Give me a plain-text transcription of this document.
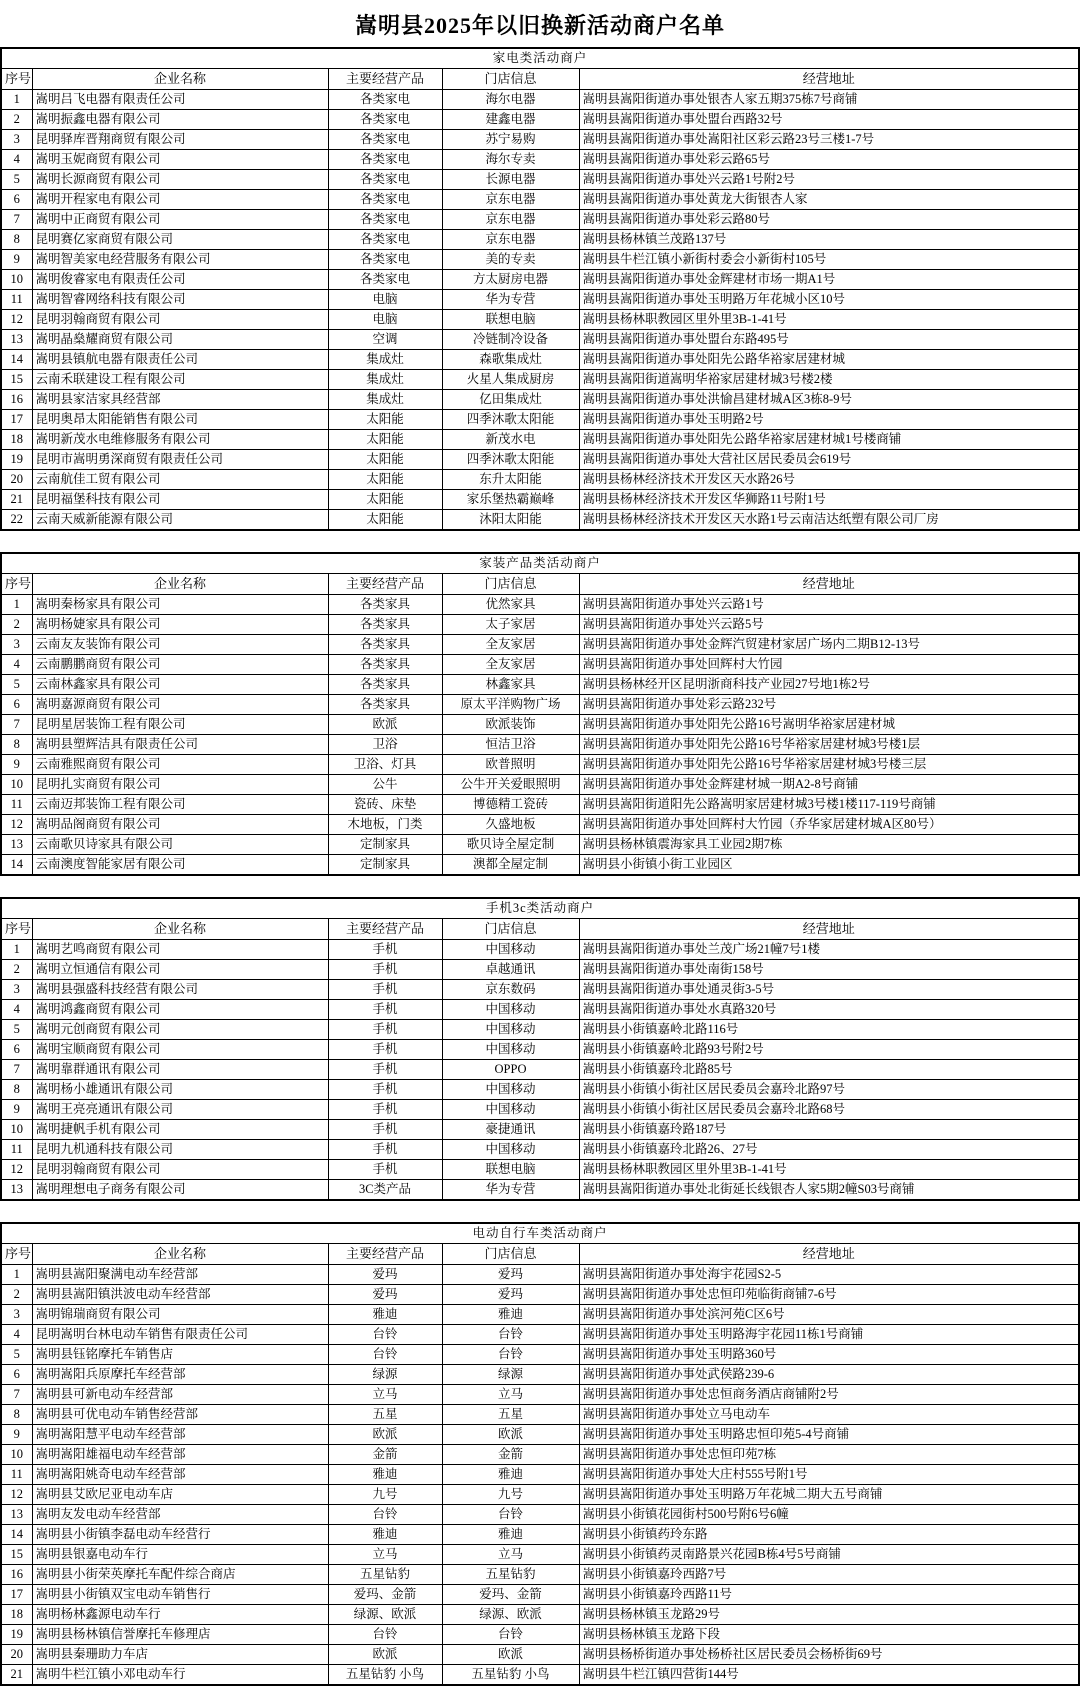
嵩明县2025年以旧换新活动商户名单
家电类活动商户				
序号	企业名称	主要经营产品	门店信息	经营地址
1	嵩明吕飞电器有限责任公司	各类家电	海尔电器	嵩明县嵩阳街道办事处银杏人家五期375栋7号商铺
2	嵩明振鑫电器有限公司	各类家电	建鑫电器	嵩明县嵩阳街道办事处盟台西路32号
3	昆明驿库晋翔商贸有限公司	各类家电	苏宁易购	嵩明县嵩阳街道办事处嵩阳社区彩云路23号三楼1-7号
4	嵩明玉妮商贸有限公司	各类家电	海尔专卖	嵩明县嵩阳街道办事处彩云路65号
5	嵩明长源商贸有限公司	各类家电	长源电器	嵩明县嵩阳街道办事处兴云路1号附2号
6	嵩明开程家电有限公司	各类家电	京东电器	嵩明县嵩阳街道办事处黄龙大街银杏人家
7	嵩明中正商贸有限公司	各类家电	京东电器	嵩明县嵩阳街道办事处彩云路80号
8	昆明赛亿家商贸有限公司	各类家电	京东电器	嵩明县杨林镇兰茂路137号
9	嵩明智美家电经营服务有限公司	各类家电	美的专卖	嵩明县牛栏江镇小新街村委会小新街村105号
10	嵩明俊睿家电有限责任公司	各类家电	方太厨房电器	嵩明县嵩阳街道办事处金辉建材市场一期A1号
11	嵩明智睿网络科技有限公司	电脑	华为专营	嵩明县嵩阳街道办事处玉明路万年花城小区10号
12	昆明羽翰商贸有限公司	电脑	联想电脑	嵩明县杨林职教园区里外里3B-1-41号
13	嵩明晶燊耀商贸有限公司	空调	冷链制冷设备	嵩明县嵩阳街道办事处盟台东路495号
14	嵩明县镇航电器有限责任公司	集成灶	森歌集成灶	嵩明县嵩阳街道办事处阳先公路华裕家居建材城
15	云南禾联建设工程有限公司	集成灶	火星人集成厨房	嵩明县嵩阳街道嵩明华裕家居建材城3号楼2楼
16	嵩明县家洁家具经营部	集成灶	亿田集成灶	嵩明县嵩阳街道办事处洪愉昌建材城A区3栋8-9号
17	昆明奥昂太阳能销售有限公司	太阳能	四季沐歌太阳能	嵩明县嵩阳街道办事处玉明路2号
18	嵩明新茂水电维修服务有限公司	太阳能	新茂水电	嵩明县嵩阳街道办事处阳先公路华裕家居建材城1号楼商铺
19	昆明市嵩明勇深商贸有限责任公司	太阳能	四季沐歌太阳能	嵩明县嵩阳街道办事处大营社区居民委员会619号
20	云南航佳工贸有限公司	太阳能	东升太阳能	嵩明县杨林经济技术开发区天水路26号
21	昆明福堡科技有限公司	太阳能	家乐堡热霸巅峰	嵩明县杨林经济技术开发区华狮路11号附1号
22	云南天威新能源有限公司	太阳能	沐阳太阳能	嵩明县杨林经济技术开发区天水路1号云南洁达纸塑有限公司厂房
家装产品类活动商户				
序号	企业名称	主要经营产品	门店信息	经营地址
1	嵩明秦杨家具有限公司	各类家具	优然家具	嵩明县嵩阳街道办事处兴云路1号
2	嵩明杨婕家具有限公司	各类家具	太子家居	嵩明县嵩阳街道办事处兴云路5号
3	云南友友装饰有限公司	各类家具	全友家居	嵩明县嵩阳街道办事处金辉汽贸建材家居广场内二期B12-13号
4	云南鹏鹏商贸有限公司	各类家具	全友家居	嵩明县嵩阳街道办事处回辉村大竹园
5	云南林鑫家具有限公司	各类家具	林鑫家具	嵩明县杨林经开区昆明浙商科技产业园27号地1栋2号
6	嵩明嘉源商贸有限公司	各类家具	原太平洋购物广场	嵩明县嵩阳街道办事处彩云路232号
7	昆明星居装饰工程有限公司	欧派	欧派装饰	嵩明县嵩阳街道办事处阳先公路16号嵩明华裕家居建材城
8	嵩明县塑辉洁具有限责任公司	卫浴	恒洁卫浴	嵩明县嵩阳街道办事处阳先公路16号华裕家居建材城3号楼1层
9	云南雅熙商贸有限公司	卫浴、灯具	欧普照明	嵩明县嵩阳街道办事处阳先公路16号华裕家居建材城3号楼三层
10	昆明扎实商贸有限公司	公牛	公牛开关爱眼照明	嵩明县嵩阳街道办事处金辉建材城一期A2-8号商铺
11	云南迈邦装饰工程有限公司	瓷砖、床垫	博德精工瓷砖	嵩明县嵩阳街道阳先公路嵩明家居建材城3号楼1楼117-119号商铺
12	嵩明品阁商贸有限公司	木地板，门类	久盛地板	嵩明县嵩阳街道办事处回辉村大竹园（乔华家居建材城A区80号）
13	云南歌贝诗家具有限公司	定制家具	歌贝诗全屋定制	嵩明县杨林镇震海家具工业园2期7栋
14	云南澳度智能家居有限公司	定制家具	澳都全屋定制	嵩明县小街镇小街工业园区
手机3c类活动商户				
序号	企业名称	主要经营产品	门店信息	经营地址
1	嵩明艺鸣商贸有限公司	手机	中国移动	嵩明县嵩阳街道办事处兰茂广场21幢7号1楼
2	嵩明立恒通信有限公司	手机	卓越通讯	嵩明县嵩阳街道办事处南街158号
3	嵩明县强盛科技经营有限公司	手机	京东数码	嵩明县嵩阳街道办事处通灵街3-5号
4	嵩明鸿鑫商贸有限公司	手机	中国移动	嵩明县嵩阳街道办事处水真路320号
5	嵩明元创商贸有限公司	手机	中国移动	嵩明县小街镇嘉岭北路116号
6	嵩明宝顺商贸有限公司	手机	中国移动	嵩明县小街镇嘉岭北路93号附2号
7	嵩明靠群通讯有限公司	手机	OPPO	嵩明县小街镇嘉玲北路85号
8	嵩明杨小雄通讯有限公司	手机	中国移动	嵩明县小街镇小街社区居民委员会嘉玲北路97号
9	嵩明王亮亮通讯有限公司	手机	中国移动	嵩明县小街镇小街社区居民委员会嘉玲北路68号
10	嵩明捷帆手机有限公司	手机	豪捷通讯	嵩明县小街镇嘉玲路187号
11	昆明九机通科技有限公司	手机	中国移动	嵩明县小街镇嘉玲北路26、27号
12	昆明羽翰商贸有限公司	手机	联想电脑	嵩明县杨林职教园区里外里3B-1-41号
13	嵩明理想电子商务有限公司	3C类产品	华为专营	嵩明县嵩阳街道办事处北街延长线银杏人家5期2幢S03号商铺
电动自行车类活动商户				
序号	企业名称	主要经营产品	门店信息	经营地址
1	嵩明县嵩阳聚满电动车经营部	爱玛	爱玛	嵩明县嵩阳街道办事处海宇花园S2-5
2	嵩明县嵩阳镇洪波电动车经营部	爱玛	爱玛	嵩明县嵩阳街道办事处忠恒印苑临街商铺7-6号
3	嵩明锦瑞商贸有限公司	雅迪	雅迪	嵩明县嵩阳街道办事处滨河苑C区6号
4	昆明嵩明台林电动车销售有限责任公司	台铃	台铃	嵩明县嵩阳街道办事处玉明路海宇花园11栋1号商铺
5	嵩明县钰铭摩托车销售店	台铃	台铃	嵩明县嵩阳街道办事处玉明路360号
6	嵩明嵩阳兵原摩托车经营部	绿源	绿源	嵩明县嵩阳街道办事处武侯路239-6
7	嵩明县可新电动车经营部	立马	立马	嵩明县嵩阳街道办事处忠恒商务酒店商铺附2号
8	嵩明县可优电动车销售经营部	五星	五星	嵩明县嵩阳街道办事处立马电动车
9	嵩明嵩阳慧平电动车经营部	欧派	欧派	嵩明县嵩阳街道办事处玉明路忠恒印苑5-4号商铺
10	嵩明嵩阳雄福电动车经营部	金箭	金箭	嵩明县嵩阳街道办事处忠恒印苑7栋
11	嵩明嵩阳姚奇电动车经营部	雅迪	雅迪	嵩明县嵩阳街道办事处大庄村555号附1号
12	嵩明县艾欧尼亚电动车店	九号	九号	嵩明县嵩阳街道办事处玉明路万年花城二期大五号商铺
13	嵩明友发电动车经营部	台铃	台铃	嵩明县小街镇花园街村500号附6号6幢
14	嵩明县小街镇李磊电动车经营行	雅迪	雅迪	嵩明县小街镇药玲东路
15	嵩明县银嘉电动车行	立马	立马	嵩明县小街镇药灵南路景兴花园B栋4号5号商铺
16	嵩明县小街荣英摩托车配件综合商店	五星钻豹	五星钻豹	嵩明县小街镇嘉玲西路7号
17	嵩明县小街镇双宝电动车销售行	爱玛、金箭	爱玛、金箭	嵩明县小街镇嘉玲西路11号
18	嵩明杨林鑫源电动车行	绿源、欧派	绿源、欧派	嵩明县杨林镇玉龙路29号
19	嵩明县杨林镇信誉摩托车修理店	台铃	台铃	嵩明县杨林镇玉龙路下段
20	嵩明县秦珊助力车店	欧派	欧派	嵩明县杨桥街道办事处杨桥社区居民委员会杨桥街69号
21	嵩明牛栏江镇小邓电动车行	五星钻豹 小鸟	五星钻豹 小鸟	嵩明县牛栏江镇四营街144号
